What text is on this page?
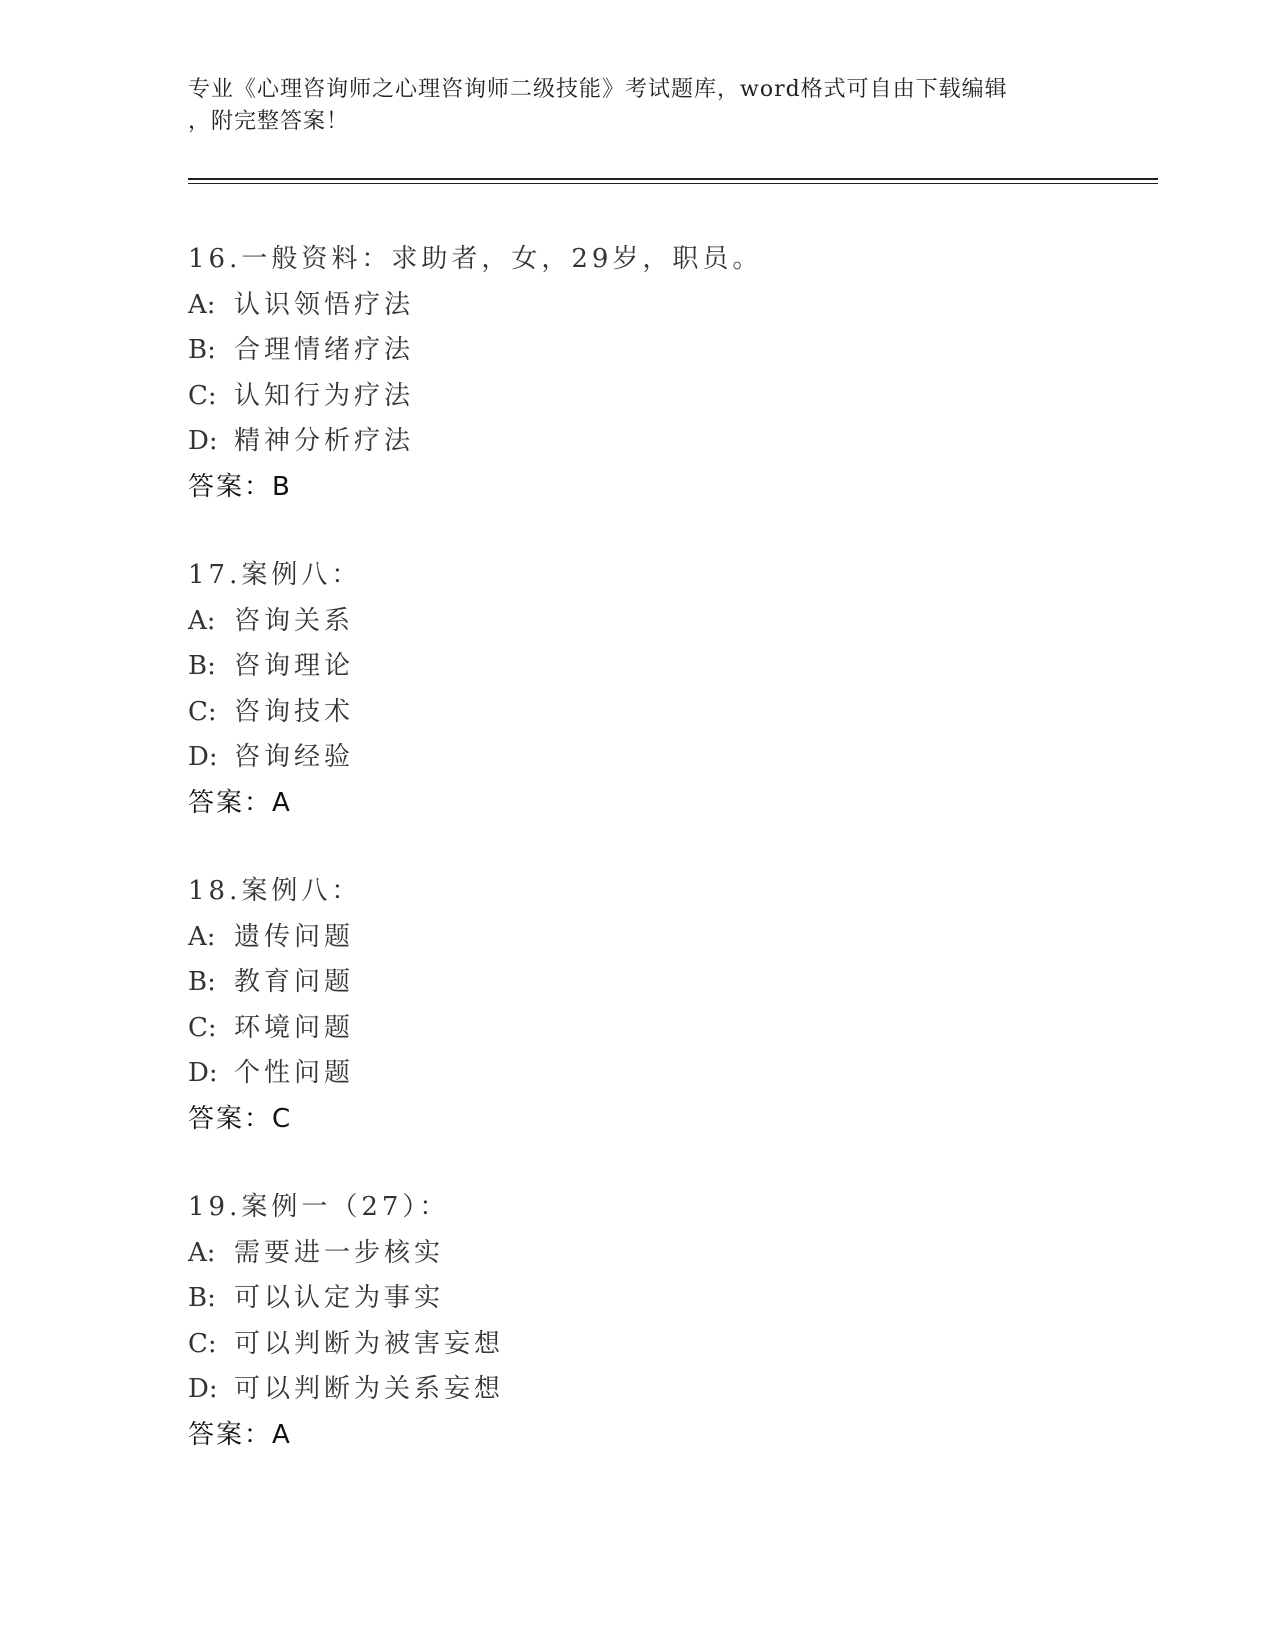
专业《心理咨询师之心理咨询师二级技能》考试题库，word格式可自由下载编辑
，附完整答案！
16.一般资料：求助者，女，29岁，职员。
A: 认识领悟疗法
B: 合理情绪疗法
C: 认知行为疗法
D: 精神分析疗法
答案：B
17.案例八：
A: 咨询关系
B: 咨询理论
C: 咨询技术
D: 咨询经验
答案：A
18.案例八：
A: 遗传问题
B: 教育问题
C: 环境问题
D: 个性问题
答案：C
19.案例一（27）：
A: 需要进一步核实
B: 可以认定为事实
C: 可以判断为被害妄想
D: 可以判断为关系妄想
答案：A
